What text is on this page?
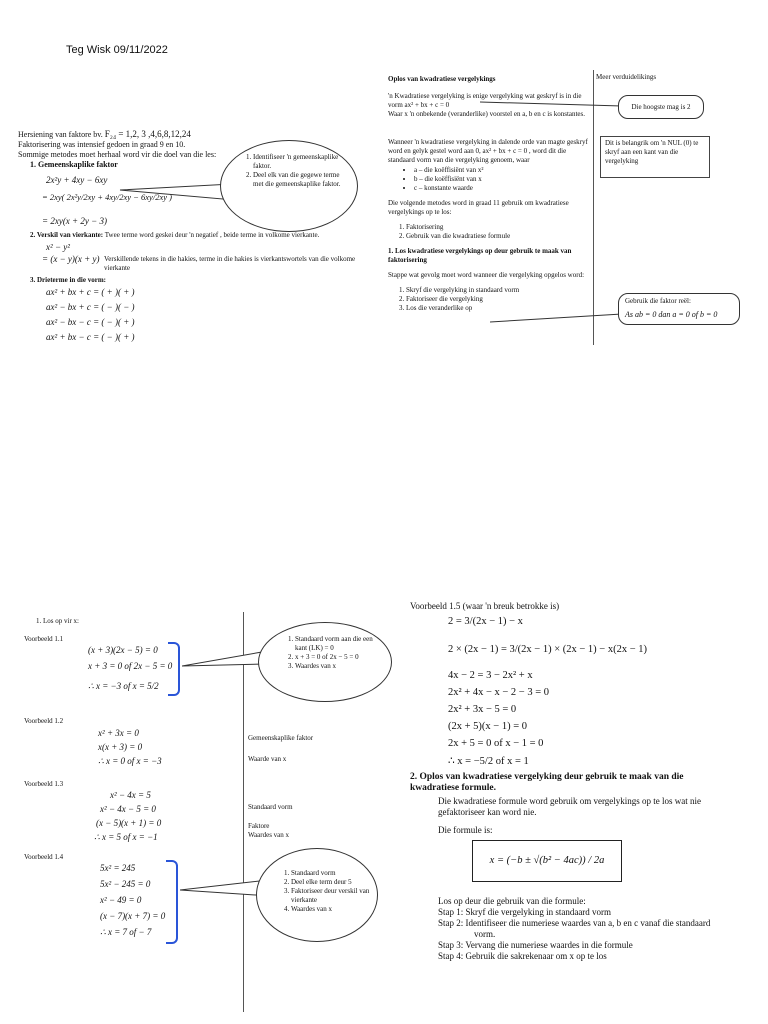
Teg Wisk 09/11/2022
Hersiening van faktore bv. F₂₄ = 1,2, 3 ,4,6,8,12,24
Faktorisering was intensief gedoen in graad 9 en 10.
Sommige metodes moet herhaal word vir die doel van die les:
1. Gemeenskaplike faktor
2x²y + 4xy − 6xy
= 2xy( 2x²y/2xy + 4xy/2xy − 6xy/2xy )
= 2xy(x + 2y − 3)
2. Verskil van vierkante: Twee terme word geskei deur 'n negatief , beide terme in volkome vierkante.
x² − y²
= (x − y)(x + y) Verskillende tekens in die hakies, terme in die hakies is vierkantswortels van die volkome vierkante
3. Drieterme in die vorm:
ax² + bx + c = ( + )( + )
ax² − bx + c = ( − )( − )
ax² − bx − c = ( − )( + )
ax² + bx − c = ( − )( + )
1. Identifiseer 'n gemeenskaplike faktor.
2. Deel elk van die gegewe terme met die gemeenskaplike faktor.
Oplos van kwadratiese vergelykings	Meer verduidelikings
'n Kwadratiese vergelyking is enige vergelyking wat geskryf is in die vorm ax² + bx + c = 0
Waar x 'n onbekende (veranderlike) voorstel en a, b en c is konstantes.
Die hoogste mag is 2
Dit is belangrik om 'n NUL (0) te skryf aan een kant van die vergelyking
Wanneer 'n kwadratiese vergelyking in dalende orde van magte geskryf word en gelyk gestel word aan 0, ax² + bx + c = 0 , word dit die standaard vorm van die vergelyking genoem, waar
• a – die koëffisiënt van x²
• b – die koëffisiënt van x
• c – konstante waarde
Die volgende metodes word in graad 11 gebruik om kwadratiese vergelykings op te los:
1. Faktorisering
2. Gebruik van die kwadratiese formule
1. Los kwadratiese vergelykings op deur gebruik te maak van faktorisering
Stappe wat gevolg moet word wanneer die vergelyking opgelos word:
1. Skryf die vergelyking in standaard vorm
2. Faktoriseer die vergelyking
3. Los die veranderlike op
Gebruik die faktor reël:
As ab = 0 dan a = 0 of b = 0
1. Los op vir x:
Voorbeeld 1.1
(x + 3)(2x − 5) = 0
x + 3 = 0 of 2x − 5 = 0
∴ x = −3 of x = 5/2
1. Standaard vorm aan die een kant (LK) = 0
2. x + 3 = 0 of 2x − 5 = 0
3. Waardes van x
Voorbeeld 1.2
x² + 3x = 0
x(x + 3) = 0
∴ x = 0 of x = −3
Gemeenskaplike faktor
Waarde van x
Voorbeeld 1.3
x² − 4x = 5
x² − 4x − 5 = 0
(x − 5)(x + 1) = 0
∴ x = 5 of x = −1
Standaard vorm
Faktore
Waardes van x
Voorbeeld 1.4
5x² = 245
5x² − 245 = 0
x² − 49 = 0
(x − 7)(x + 7) = 0
∴ x = 7 of − 7
1. Standaard vorm
2. Deel elke term deur 5
3. Faktoriseer deur verskil van vierkante
4. Waardes van x
Voorbeeld 1.5 (waar 'n breuk betrokke is)
2 = 3/(2x − 1) − x
2 × (2x − 1) = 3/(2x − 1) × (2x − 1) − x(2x − 1)
4x − 2 = 3 − 2x² + x
2x² + 4x − x − 2 − 3 = 0
2x² + 3x − 5 = 0
(2x + 5)(x − 1) = 0
2x + 5 = 0 of x − 1 = 0
∴ x = −5/2 of x = 1
2. Oplos van kwadratiese vergelyking deur gebruik te maak van die kwadratiese formule.
Die kwadratiese formule word gebruik om vergelykings op te los wat nie gefaktoriseer kan word nie.
Die formule is:
x = (−b ± √(b² − 4ac)) / 2a
Los op deur die gebruik van die formule:
Stap 1: Skryf die vergelyking in standaard vorm
Stap 2: Identifiseer die numeriese waardes van a, b en c vanaf die standaard vorm.
Stap 3: Vervang die numeriese waardes in die formule
Stap 4: Gebruik die sakrekenaar om x op te los
